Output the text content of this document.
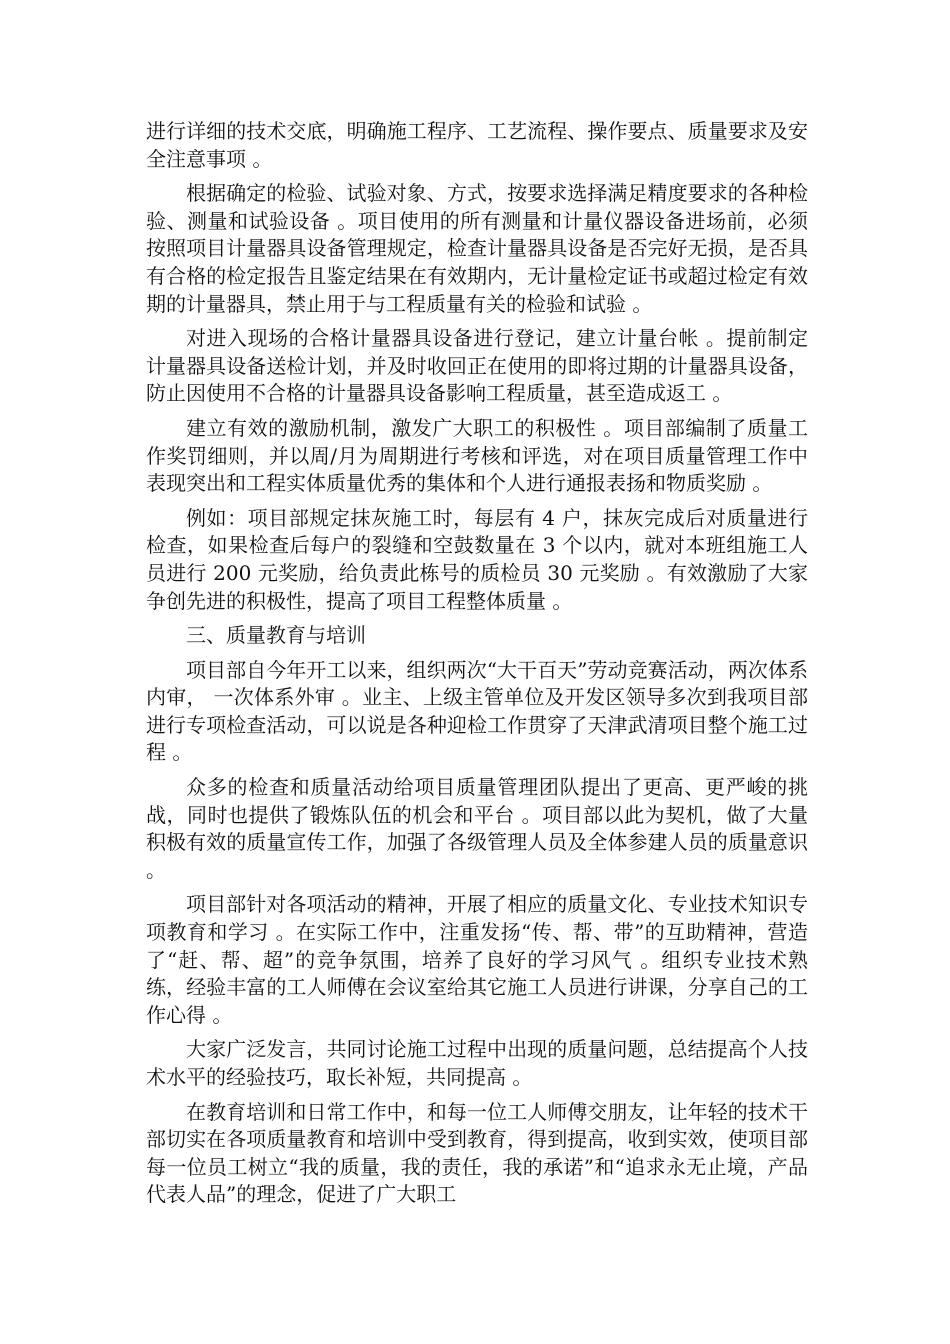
进行详细的技术交底，明确施工程序、工艺流程、操作要点、质量要求及安全注意事项 。

根据确定的检验、试验对象、方式，按要求选择满足精度要求的各种检验、测量和试验设备 。项目使用的所有测量和计量仪器设备进场前，必须按照项目计量器具设备管理规定，检查计量器具设备是否完好无损，是否具有合格的检定报告且鉴定结果在有效期内，无计量检定证书或超过检定有效期的计量器具，禁止用于与工程质量有关的检验和试验 。

对进入现场的合格计量器具设备进行登记，建立计量台帐 。提前制定计量器具设备送检计划，并及时收回正在使用的即将过期的计量器具设备，防止因使用不合格的计量器具设备影响工程质量，甚至造成返工 。

建立有效的激励机制，激发广大职工的积极性 。项目部编制了质量工作奖罚细则，并以周/月为周期进行考核和评选，对在项目质量管理工作中表现突出和工程实体质量优秀的集体和个人进行通报表扬和物质奖励 。

例如：项目部规定抹灰施工时，每层有 4 户，抹灰完成后对质量进行检查，如果检查后每户的裂缝和空鼓数量在 3 个以内，就对本班组施工人员进行 200 元奖励，给负责此栋号的质检员 30 元奖励 。有效激励了大家争创先进的积极性，提高了项目工程整体质量 。

三、质量教育与培训

项目部自今年开工以来，组织两次“大干百天”劳动竞赛活动，两次体系内审， 一次体系外审 。业主、上级主管单位及开发区领导多次到我项目部进行专项检查活动，可以说是各种迎检工作贯穿了天津武清项目整个施工过程 。

众多的检查和质量活动给项目质量管理团队提出了更高、更严峻的挑战，同时也提供了锻炼队伍的机会和平台 。项目部以此为契机，做了大量积极有效的质量宣传工作，加强了各级管理人员及全体参建人员的质量意识 。

项目部针对各项活动的精神，开展了相应的质量文化、专业技术知识专项教育和学习 。在实际工作中，注重发扬“传、帮、带”的互助精神，营造了“赶、帮、超”的竞争氛围，培养了良好的学习风气 。组织专业技术熟练，经验丰富的工人师傅在会议室给其它施工人员进行讲课，分享自己的工作心得 。

大家广泛发言，共同讨论施工过程中出现的质量问题，总结提高个人技术水平的经验技巧，取长补短，共同提高 。

在教育培训和日常工作中，和每一位工人师傅交朋友，让年轻的技术干部切实在各项质量教育和培训中受到教育，得到提高，收到实效，使项目部每一位员工树立“我的质量，我的责任，我的承诺”和“追求永无止境，产品代表人品”的理念，促进了广大职工
